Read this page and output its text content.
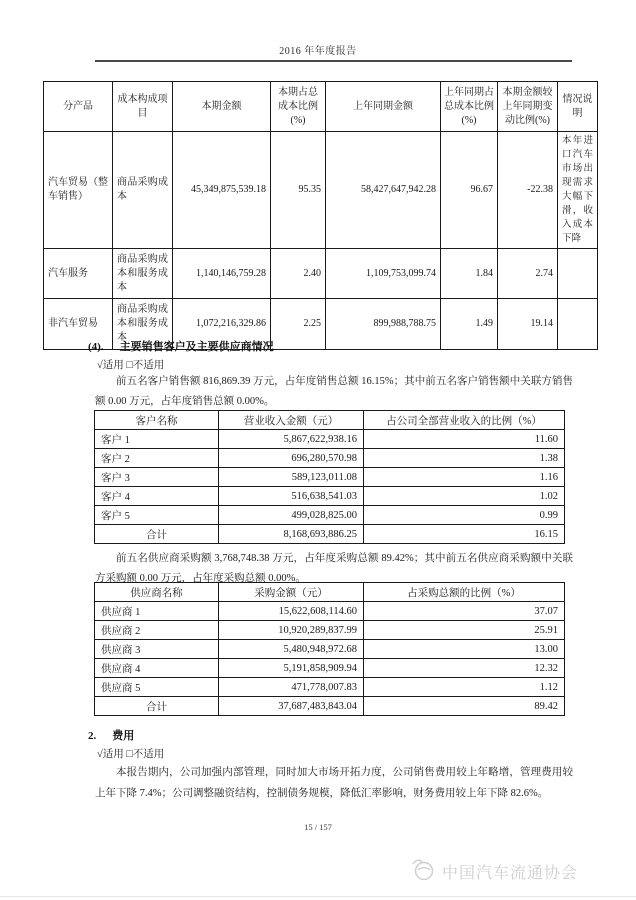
2016 年年度报告
分产品	成本构成项目	本期金额	本期占总成本比例(%)	上年同期金额	上年同期占总成本比例(%)	本期金额较上年同期变动比例(%)	情况说明
汽车贸易（整车销售）	商品采购成本	45,349,875,539.18	95.35	58,427,647,942.28	96.67	-22.38	本年进口汽车市场出现需求大幅下滑，收入成本下降
汽车服务	商品采购成本和服务成本	1,140,146,759.28	2.40	1,109,753,099.74	1.84	2.74	
非汽车贸易	商品采购成本和服务成本	1,072,216,329.86	2.25	899,988,788.75	1.49	19.14	
(4). 主要销售客户及主要供应商情况
√适用 □不适用

前五名客户销售额 816,869.39 万元，占年度销售总额 16.15%；其中前五名客户销售额中关联方销售额 0.00 万元，占年度销售总额 0.00%。

客户名称	营业收入金额（元）	占公司全部营业收入的比例（%）
客户 1	5,867,622,938.16	11.60
客户 2	696,280,570.98	1.38
客户 3	589,123,011.08	1.16
客户 4	516,638,541.03	1.02
客户 5	499,028,825.00	0.99
合计	8,168,693,886.25	16.15

前五名供应商采购额 3,768,748.38 万元，占年度采购总额 89.42%；其中前五名供应商采购额中关联方采购额 0.00 万元，占年度采购总额 0.00%。

供应商名称	采购金额（元）	占采购总额的比例（%）
供应商 1	15,622,608,114.60	37.07
供应商 2	10,920,289,837.99	25.91
供应商 3	5,480,948,972.68	13.00
供应商 4	5,191,858,909.94	12.32
供应商 5	471,778,007.83	1.12
合计	37,687,483,843.04	89.42
2. 费用
√适用 □不适用

本报告期内，公司加强内部管理，同时加大市场开拓力度，公司销售费用较上年略增，管理费用较上年下降 7.4%；公司调整融资结构，控制债务规模，降低汇率影响，财务费用较上年下降 82.6%。

15 / 157
中国汽车流通协会
